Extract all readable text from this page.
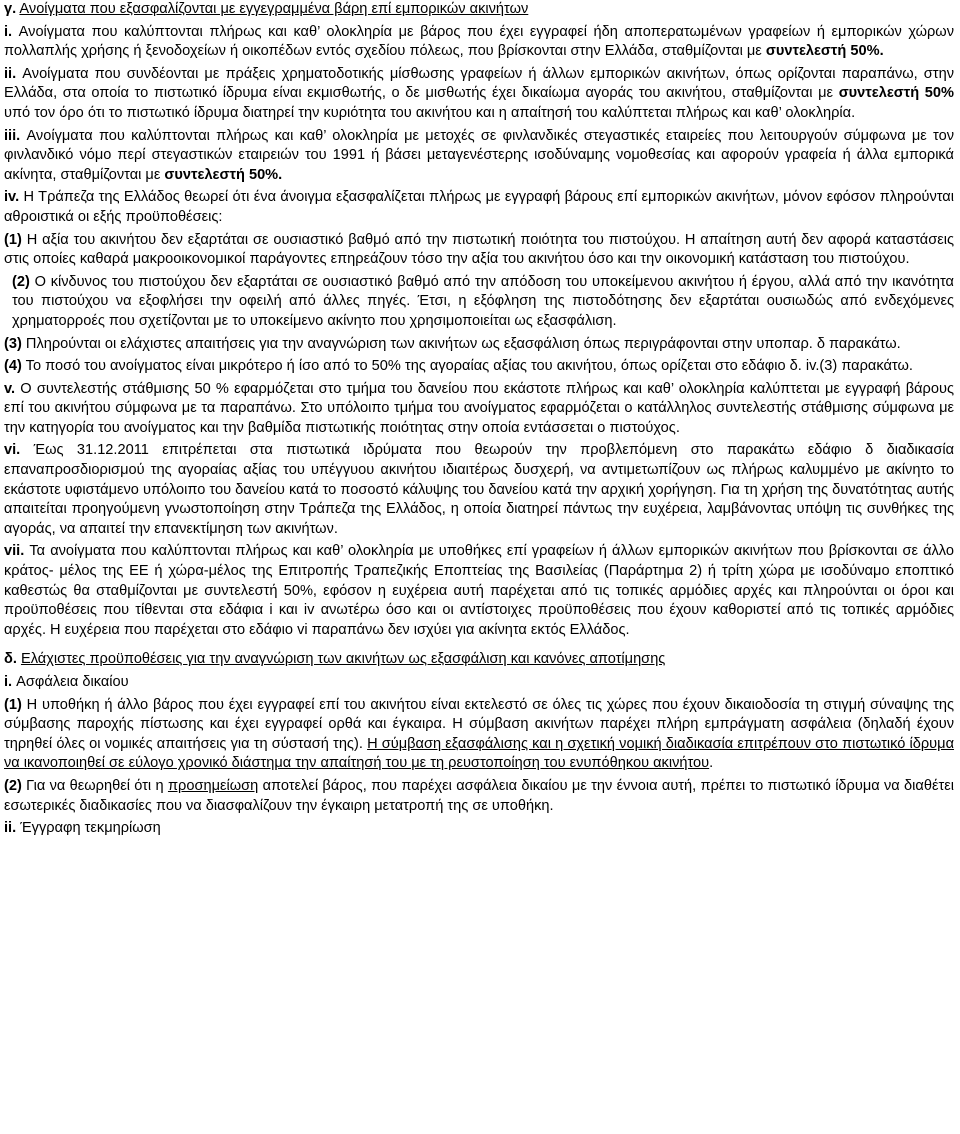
γ. Ανοίγματα που εξασφαλίζονται με εγγεγραμμένα βάρη επί εμπορικών ακινήτων

i. Ανοίγματα που καλύπτονται πλήρως και καθ’ ολοκληρία με βάρος που έχει εγγραφεί ήδη αποπερατωμένων γραφείων ή εμπορικών χώρων πολλαπλής χρήσης ή ξενοδοχείων ή οικοπέδων εντός σχεδίου πόλεως, που βρίσκονται στην Ελλάδα, σταθμίζονται με συντελεστή 50%.

ii. Ανοίγματα που συνδέονται με πράξεις χρηματοδοτικής μίσθωσης γραφείων ή άλλων εμπορικών ακινήτων, όπως ορίζονται παραπάνω, στην Ελλάδα, στα οποία το πιστωτικό ίδρυμα είναι εκμισθωτής, ο δε μισθωτής έχει δικαίωμα αγοράς του ακινήτου, σταθμίζονται με συντελεστή 50% υπό τον όρο ότι το πιστωτικό ίδρυμα διατηρεί την κυριότητα του ακινήτου και η απαίτησή του καλύπτεται πλήρως και καθ’ ολοκληρία.

iii. Ανοίγματα που καλύπτονται πλήρως και καθ’ ολοκληρία με μετοχές σε φινλανδικές στεγαστικές εταιρείες που λειτουργούν σύμφωνα με τον φινλανδικό νόμο περί στεγαστικών εταιρειών του 1991 ή βάσει μεταγενέστερης ισοδύναμης νομοθεσίας και αφορούν γραφεία ή άλλα εμπορικά ακίνητα, σταθμίζονται με συντελεστή 50%.

iv. Η Τράπεζα της Ελλάδος θεωρεί ότι ένα άνοιγμα εξασφαλίζεται πλήρως με εγγραφή βάρους επί εμπορικών ακινήτων, μόνον εφόσον πληρούνται αθροιστικά οι εξής προϋποθέσεις:

(1) Η αξία του ακινήτου δεν εξαρτάται σε ουσιαστικό βαθμό από την πιστωτική ποιότητα του πιστούχου. Η απαίτηση αυτή δεν αφορά καταστάσεις στις οποίες καθαρά μακροοικονομικοί παράγοντες επηρεάζουν τόσο την αξία του ακινήτου όσο και την οικονομική κατάσταση του πιστούχου.

(2) Ο κίνδυνος του πιστούχου δεν εξαρτάται σε ουσιαστικό βαθμό από την απόδοση του υποκείμενου ακινήτου ή έργου, αλλά από την ικανότητα του πιστούχου να εξοφλήσει την οφειλή από άλλες πηγές. Έτσι, η εξόφληση της πιστοδότησης δεν εξαρτάται ουσιωδώς από ενδεχόμενες χρηματορροές που σχετίζονται με το υποκείμενο ακίνητο που χρησιμοποιείται ως εξασφάλιση.

(3) Πληρούνται οι ελάχιστες απαιτήσεις για την αναγνώριση των ακινήτων ως εξασφάλιση όπως περιγράφονται στην υποπαρ. δ παρακάτω.

(4) Το ποσό του ανοίγματος είναι μικρότερο ή ίσο από το 50% της αγοραίας αξίας του ακινήτου, όπως ορίζεται στο εδάφιο δ. iv.(3) παρακάτω.

v. Ο συντελεστής στάθμισης 50 % εφαρμόζεται στο τμήμα του δανείου που εκάστοτε πλήρως και καθ’ ολοκληρία καλύπτεται με εγγραφή βάρους επί του ακινήτου σύμφωνα με τα παραπάνω. Στο υπόλοιπο τμήμα του ανοίγματος εφαρμόζεται ο κατάλληλος συντελεστής στάθμισης σύμφωνα με την κατηγορία του ανοίγματος και την βαθμίδα πιστωτικής ποιότητας στην οποία εντάσσεται ο πιστούχος.

vi. Έως 31.12.2011 επιτρέπεται στα πιστωτικά ιδρύματα που θεωρούν την προβλεπόμενη στο παρακάτω εδάφιο δ διαδικασία επαναπροσδιορισμού της αγοραίας αξίας του υπέγγυου ακινήτου ιδιαιτέρως δυσχερή, να αντιμετωπίζουν ως πλήρως καλυμμένο με ακίνητο το εκάστοτε υφιστάμενο υπόλοιπο του δανείου κατά το ποσοστό κάλυψης του δανείου κατά την αρχική χορήγηση. Για τη χρήση της δυνατότητας αυτής απαιτείται προηγούμενη γνωστοποίηση στην Τράπεζα της Ελλάδος, η οποία διατηρεί πάντως την ευχέρεια, λαμβάνοντας υπόψη τις συνθήκες της αγοράς, να απαιτεί την επανεκτίμηση των ακινήτων.

vii. Τα ανοίγματα που καλύπτονται πλήρως και καθ’ ολοκληρία με υποθήκες επί γραφείων ή άλλων εμπορικών ακινήτων που βρίσκονται σε άλλο κράτος- μέλος της ΕΕ ή χώρα-μέλος της Επιτροπής Τραπεζικής Εποπτείας της Βασιλείας (Παράρτημα 2) ή τρίτη χώρα με ισοδύναμο εποπτικό καθεστώς θα σταθμίζονται με συντελεστή 50%, εφόσον η ευχέρεια αυτή παρέχεται από τις τοπικές αρμόδιες αρχές και πληρούνται οι όροι και προϋποθέσεις που τίθενται στα εδάφια i και iv ανωτέρω όσο και οι αντίστοιχες προϋποθέσεις που έχουν καθοριστεί από τις τοπικές αρμόδιες αρχές. Η ευχέρεια που παρέχεται στο εδάφιο vi παραπάνω δεν ισχύει για ακίνητα εκτός Ελλάδος.

δ. Ελάχιστες προϋποθέσεις για την αναγνώριση των ακινήτων ως εξασφάλιση και κανόνες αποτίμησης

i. Ασφάλεια δικαίου

(1) Η υποθήκη ή άλλο βάρος που έχει εγγραφεί επί του ακινήτου είναι εκτελεστό σε όλες τις χώρες που έχουν δικαιοδοσία τη στιγμή σύναψης της σύμβασης παροχής πίστωσης και έχει εγγραφεί ορθά και έγκαιρα. Η σύμβαση ακινήτων παρέχει πλήρη εμπράγματη ασφάλεια (δηλαδή έχουν τηρηθεί όλες οι νομικές απαιτήσεις για τη σύστασή της). Η σύμβαση εξασφάλισης και η σχετική νομική διαδικασία επιτρέπουν στο πιστωτικό ίδρυμα να ικανοποιηθεί σε εύλογο χρονικό διάστημα την απαίτησή του με τη ρευστοποίηση του ενυπόθηκου ακινήτου.

(2) Για να θεωρηθεί ότι η προσημείωση αποτελεί βάρος, που παρέχει ασφάλεια δικαίου με την έννοια αυτή, πρέπει το πιστωτικό ίδρυμα να διαθέτει εσωτερικές διαδικασίες που να διασφαλίζουν την έγκαιρη μετατροπή της σε υποθήκη.

ii. Έγγραφη τεκμηρίωση
